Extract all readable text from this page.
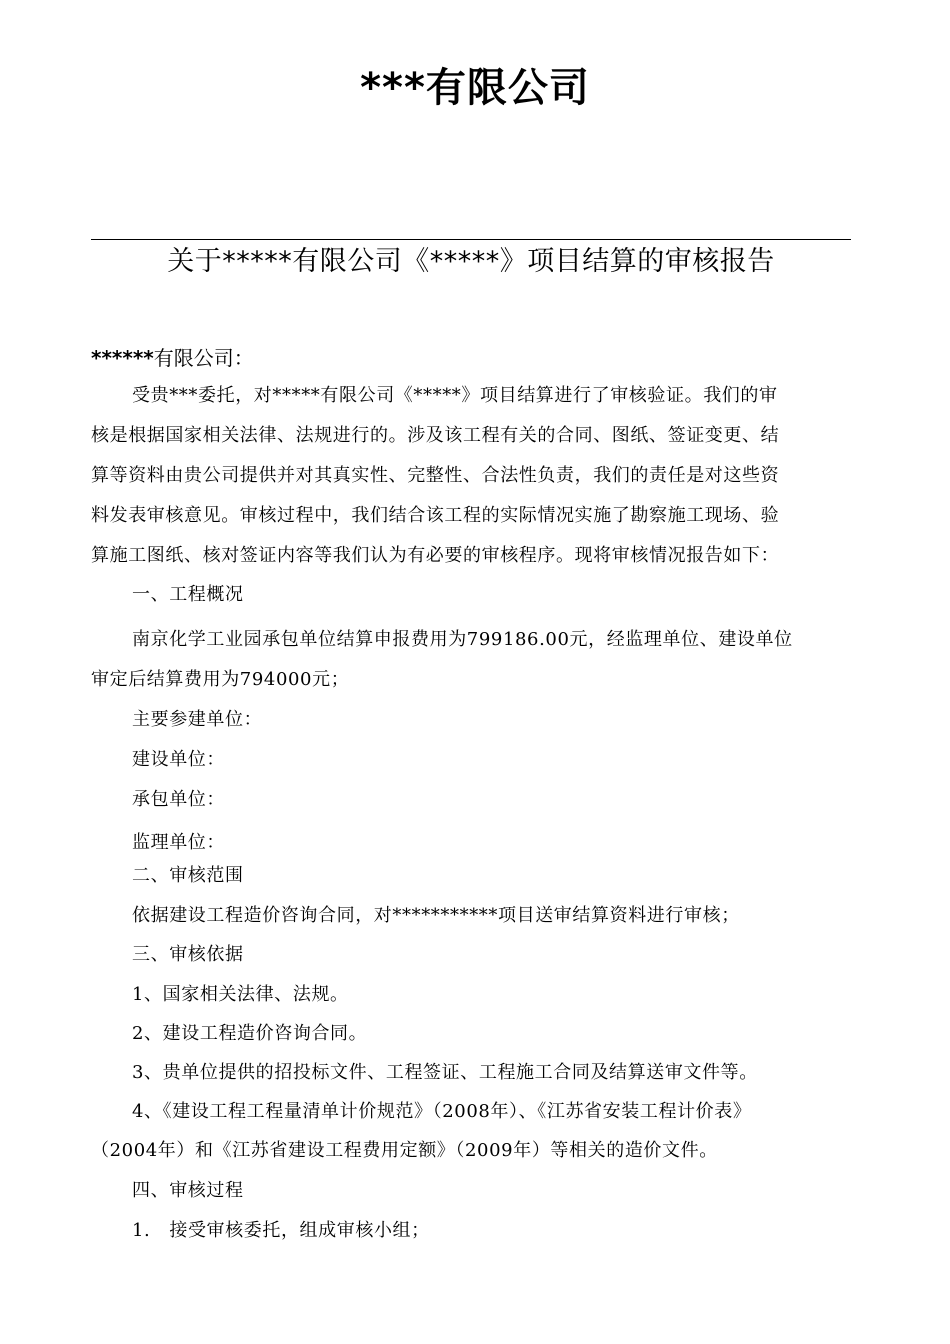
***有限公司
关于*****有限公司《*****》项目结算的审核报告
******有限公司：
受贵***委托，对*****有限公司《*****》项目结算进行了审核验证。我们的审
核是根据国家相关法律、法规进行的。涉及该工程有关的合同、图纸、签证变更、结
算等资料由贵公司提供并对其真实性、完整性、合法性负责，我们的责任是对这些资
料发表审核意见。审核过程中，我们结合该工程的实际情况实施了勘察施工现场、验
算施工图纸、核对签证内容等我们认为有必要的审核程序。现将审核情况报告如下：
一、工程概况
南京化学工业园承包单位结算申报费用为799186.00元，经监理单位、建设单位
审定后结算费用为794000元；
主要参建单位：
建设单位：
承包单位：
监理单位：
二、审核范围
依据建设工程造价咨询合同，对***********项目送审结算资料进行审核；
三、审核依据
1、国家相关法律、法规。
2、建设工程造价咨询合同。
3、贵单位提供的招投标文件、工程签证、工程施工合同及结算送审文件等。
4、《建设工程工程量清单计价规范》（2008年）、《江苏省安装工程计价表》
（2004年）和《江苏省建设工程费用定额》（2009年）等相关的造价文件。
四、审核过程
1.   接受审核委托，组成审核小组；
